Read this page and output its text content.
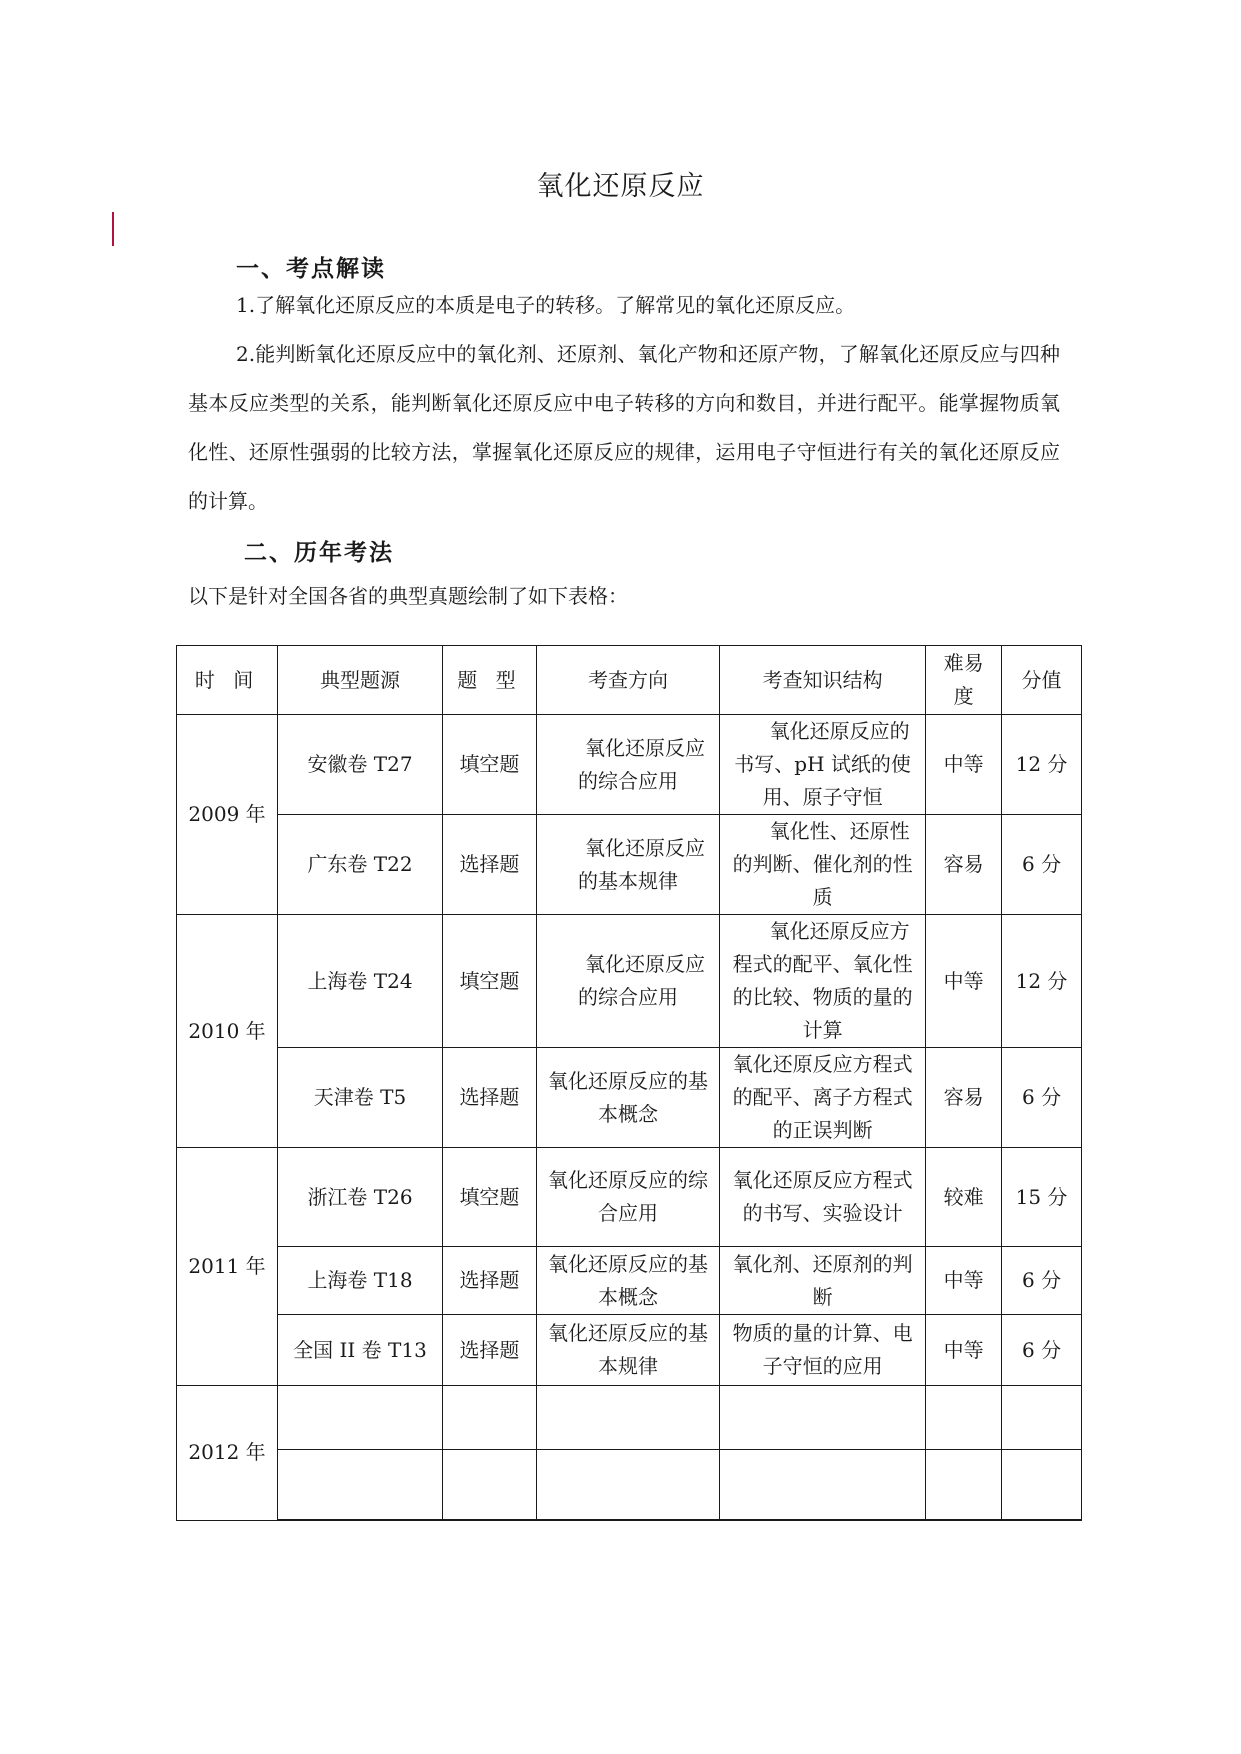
氧化还原反应
一、考点解读

1.了解氧化还原反应的本质是电子的转移。了解常见的氧化还原反应。

2.能判断氧化还原反应中的氧化剂、还原剂、氧化产物和还原产物，了解氧化还原反应与四种基本反应类型的关系，能判断氧化还原反应中电子转移的方向和数目，并进行配平。能掌握物质氧化性、还原性强弱的比较方法，掌握氧化还原反应的规律，运用电子守恒进行有关的氧化还原反应的计算。

二、历年考法

以下是针对全国各省的典型真题绘制了如下表格：

时 间	典型题源	题 型	考查方向	考查知识结构	难易度	分值
2009 年	安徽卷 T27	填空题	氧化还原反应的综合应用	氧化还原反应的书写、pH 试纸的使用、原子守恒	中等	12 分
	广东卷 T22	选择题	氧化还原反应的基本规律	氧化性、还原性的判断、催化剂的性质	容易	6 分
2010 年	上海卷 T24	填空题	氧化还原反应的综合应用	氧化还原反应方程式的配平、氧化性的比较、物质的量的计算	中等	12 分
	天津卷 T5	选择题	氧化还原反应的基本概念	氧化还原反应方程式的配平、离子方程式的正误判断	容易	6 分
2011 年	浙江卷 T26	填空题	氧化还原反应的综合应用	氧化还原反应方程式的书写、实验设计	较难	15 分
	上海卷 T18	选择题	氧化还原反应的基本概念	氧化剂、还原剂的判断	中等	6 分
	全国 II 卷 T13	选择题	氧化还原反应的基本规律	物质的量的计算、电子守恒的应用	中等	6 分
2012 年						
